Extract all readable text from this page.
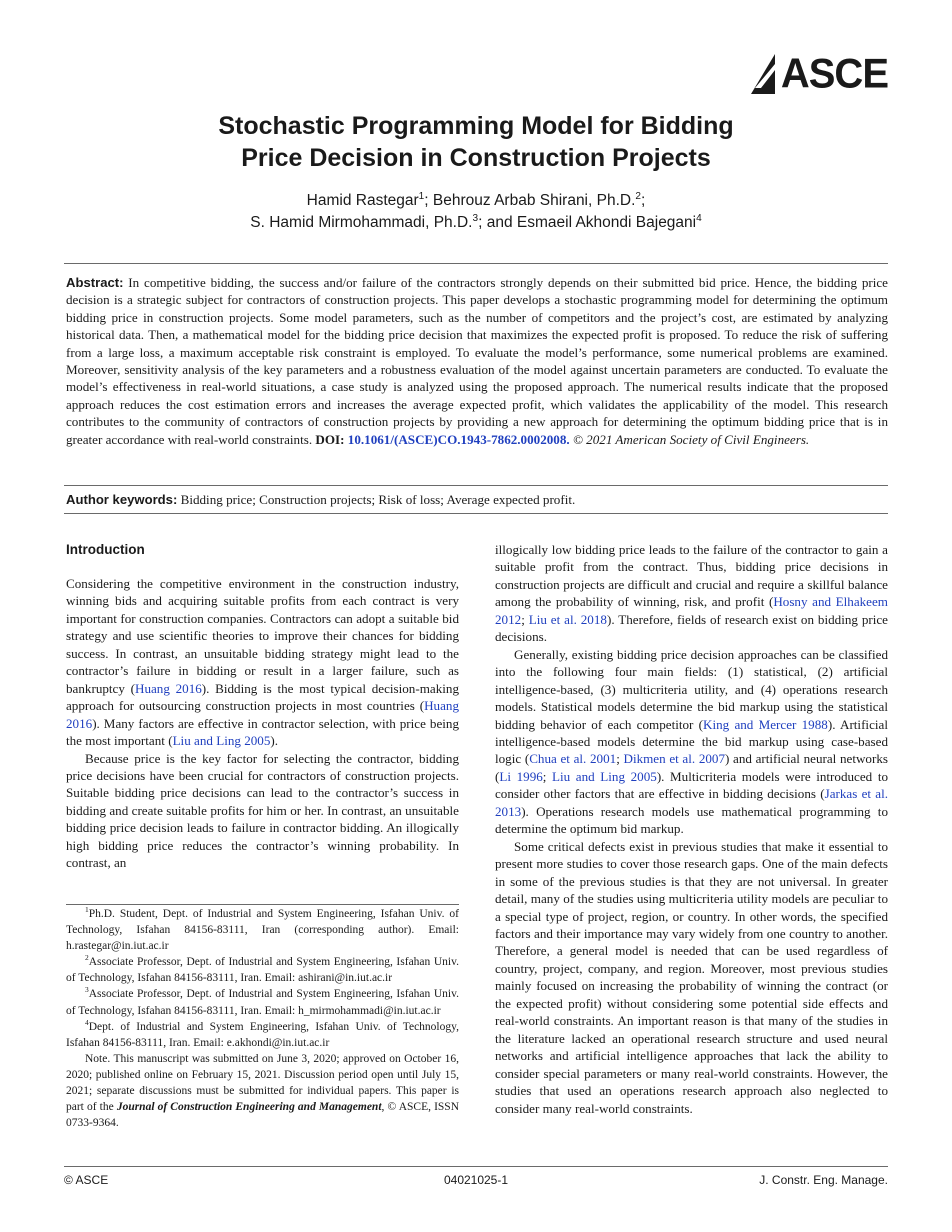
ASCE
Stochastic Programming Model for Bidding
Price Decision in Construction Projects
Hamid Rastegar$^1$; Behrouz Arbab Shirani, Ph.D.$^2$;
S. Hamid Mirmohammadi, Ph.D.$^3$; and Esmaeil Akhondi Bajegani$^4$
Abstract: In competitive bidding, the success and/or failure of the contractors strongly depends on their submitted bid price. Hence, the bidding price decision is a strategic subject for contractors of construction projects. This paper develops a stochastic programming model for determining the optimum bidding price in construction projects. Some model parameters, such as the number of competitors and the project’s cost, are estimated by analyzing historical data. Then, a mathematical model for the bidding price decision that maximizes the expected profit is proposed. To reduce the risk of suffering from a large loss, a maximum acceptable risk constraint is employed. To evaluate the model’s performance, some numerical problems are examined. Moreover, sensitivity analysis of the key parameters and a robustness evaluation of the model against uncertain parameters are conducted. To evaluate the model’s effectiveness in real-world situations, a case study is analyzed using the proposed approach. The numerical results indicate that the proposed approach reduces the cost estimation errors and increases the average expected profit, which validates the applicability of the model. This research contributes to the community of contractors of construction projects by providing a new approach for determining the optimum bidding price that is in greater accordance with real-world constraints. DOI: 10.1061/(ASCE)CO.1943-7862.0002008. © 2021 American Society of Civil Engineers.
Author keywords: Bidding price; Construction projects; Risk of loss; Average expected profit.
Introduction

Considering the competitive environment in the construction industry, winning bids and acquiring suitable profits from each contract is very important for construction companies. Contractors can adopt a suitable bid strategy and use scientific theories to improve their chances for bidding success. In contrast, an unsuitable bidding strategy might lead to the contractor’s failure in bidding or result in a larger failure, such as bankruptcy (Huang 2016). Bidding is the most typical decision-making approach for outsourcing construction projects in most countries (Huang 2016). Many factors are effective in contractor selection, with price being the most important (Liu and Ling 2005).

Because price is the key factor for selecting the contractor, bidding price decisions have been crucial for contractors of construction projects. Suitable bidding price decisions can lead to the contractor’s success in bidding and create suitable profits for him or her. In contrast, an unsuitable bidding price decision leads to failure in contractor bidding. An illogically high bidding price reduces the contractor’s winning probability. In contrast, an

$^1$Ph.D. Student, Dept. of Industrial and System Engineering, Isfahan Univ. of Technology, Isfahan 84156-83111, Iran (corresponding author). Email: h.rastegar@in.iut.ac.ir

$^2$Associate Professor, Dept. of Industrial and System Engineering, Isfahan Univ. of Technology, Isfahan 84156-83111, Iran. Email: ashirani@in.iut.ac.ir

$^3$Associate Professor, Dept. of Industrial and System Engineering, Isfahan Univ. of Technology, Isfahan 84156-83111, Iran. Email: h_mirmohammadi@in.iut.ac.ir

$^4$Dept. of Industrial and System Engineering, Isfahan Univ. of Technology, Isfahan 84156-83111, Iran. Email: e.akhondi@in.iut.ac.ir

Note. This manuscript was submitted on June 3, 2020; approved on October 16, 2020; published online on February 15, 2021. Discussion period open until July 15, 2021; separate discussions must be submitted for individual papers. This paper is part of the Journal of Construction Engineering and Management, © ASCE, ISSN 0733-9364.

illogically low bidding price leads to the failure of the contractor to gain a suitable profit from the contract. Thus, bidding price decisions in construction projects are difficult and crucial and require a skillful balance among the probability of winning, risk, and profit (Hosny and Elhakeem 2012; Liu et al. 2018). Therefore, fields of research exist on bidding price decisions.

Generally, existing bidding price decision approaches can be classified into the following four main fields: (1) statistical, (2) artificial intelligence-based, (3) multicriteria utility, and (4) operations research models. Statistical models determine the bid markup using the statistical bidding behavior of each competitor (King and Mercer 1988). Artificial intelligence-based models determine the bid markup using case-based logic (Chua et al. 2001; Dikmen et al. 2007) and artificial neural networks (Li 1996; Liu and Ling 2005). Multicriteria models were introduced to consider other factors that are effective in bidding decisions (Jarkas et al. 2013). Operations research models use mathematical programming to determine the optimum bid markup.

Some critical defects exist in previous studies that make it essential to present more studies to cover those research gaps. One of the main defects in some of the previous studies is that they are not universal. In greater detail, many of the studies using multicriteria utility models are peculiar to a special type of project, region, or country. In other words, the specified factors and their importance may vary widely from one country to another. Therefore, a general model is needed that can be used regardless of country, project, company, and region. Moreover, most previous studies mainly focused on increasing the probability of winning the contract (or the expected profit) without considering some potential side effects and real-world constraints. An important reason is that many of the studies in the literature lacked an operational research structure and used neural networks and artificial intelligence approaches that lack the ability to consider special parameters or many real-world constraints. However, the studies that used an operations research approach also neglected to consider many real-world constraints.

© ASCE	04021025-1	J. Constr. Eng. Manage.
